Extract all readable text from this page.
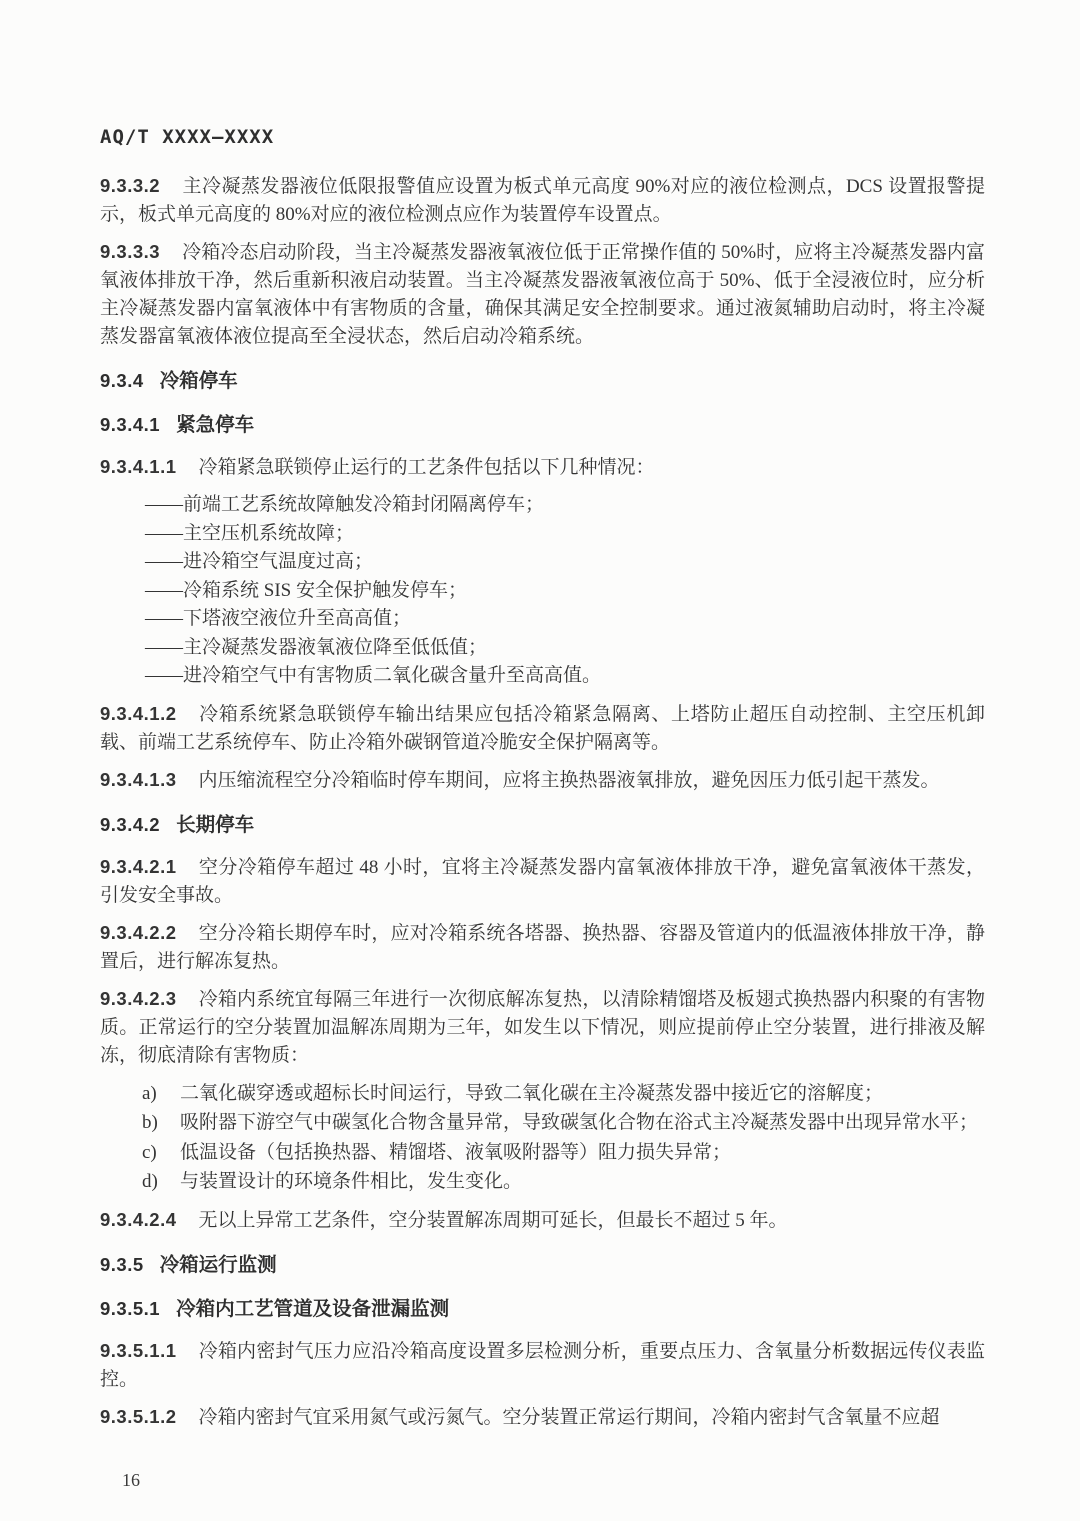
AQ/T XXXX—XXXX

9.3.3.2 主冷凝蒸发器液位低限报警值应设置为板式单元高度 90%对应的液位检测点，DCS 设置报警提示，板式单元高度的 80%对应的液位检测点应作为装置停车设置点。

9.3.3.3 冷箱冷态启动阶段，当主冷凝蒸发器液氧液位低于正常操作值的 50%时，应将主冷凝蒸发器内富氧液体排放干净，然后重新积液启动装置。当主冷凝蒸发器液氧液位高于 50%、低于全浸液位时，应分析主冷凝蒸发器内富氧液体中有害物质的含量，确保其满足安全控制要求。通过液氮辅助启动时，将主冷凝蒸发器富氧液体液位提高至全浸状态，然后启动冷箱系统。

9.3.4 冷箱停车
9.3.4.1 紧急停车

9.3.4.1.1 冷箱紧急联锁停止运行的工艺条件包括以下几种情况：

——前端工艺系统故障触发冷箱封闭隔离停车；
——主空压机系统故障；
——进冷箱空气温度过高；
——冷箱系统 SIS 安全保护触发停车；
——下塔液空液位升至高高值；
——主冷凝蒸发器液氧液位降至低低值；
——进冷箱空气中有害物质二氧化碳含量升至高高值。

9.3.4.1.2 冷箱系统紧急联锁停车输出结果应包括冷箱紧急隔离、上塔防止超压自动控制、主空压机卸载、前端工艺系统停车、防止冷箱外碳钢管道冷脆安全保护隔离等。

9.3.4.1.3 内压缩流程空分冷箱临时停车期间，应将主换热器液氧排放，避免因压力低引起干蒸发。

9.3.4.2 长期停车

9.3.4.2.1 空分冷箱停车超过 48 小时，宜将主冷凝蒸发器内富氧液体排放干净，避免富氧液体干蒸发，引发安全事故。

9.3.4.2.2 空分冷箱长期停车时，应对冷箱系统各塔器、换热器、容器及管道内的低温液体排放干净，静置后，进行解冻复热。

9.3.4.2.3 冷箱内系统宜每隔三年进行一次彻底解冻复热，以清除精馏塔及板翅式换热器内积聚的有害物质。正常运行的空分装置加温解冻周期为三年，如发生以下情况，则应提前停止空分装置，进行排液及解冻，彻底清除有害物质：

a) 二氧化碳穿透或超标长时间运行，导致二氧化碳在主冷凝蒸发器中接近它的溶解度；
b) 吸附器下游空气中碳氢化合物含量异常，导致碳氢化合物在浴式主冷凝蒸发器中出现异常水平；
c) 低温设备（包括换热器、精馏塔、液氧吸附器等）阻力损失异常；
d) 与装置设计的环境条件相比，发生变化。

9.3.4.2.4 无以上异常工艺条件，空分装置解冻周期可延长，但最长不超过 5 年。

9.3.5 冷箱运行监测
9.3.5.1 冷箱内工艺管道及设备泄漏监测

9.3.5.1.1 冷箱内密封气压力应沿冷箱高度设置多层检测分析，重要点压力、含氧量分析数据远传仪表监控。

9.3.5.1.2 冷箱内密封气宜采用氮气或污氮气。空分装置正常运行期间，冷箱内密封气含氧量不应超

16
